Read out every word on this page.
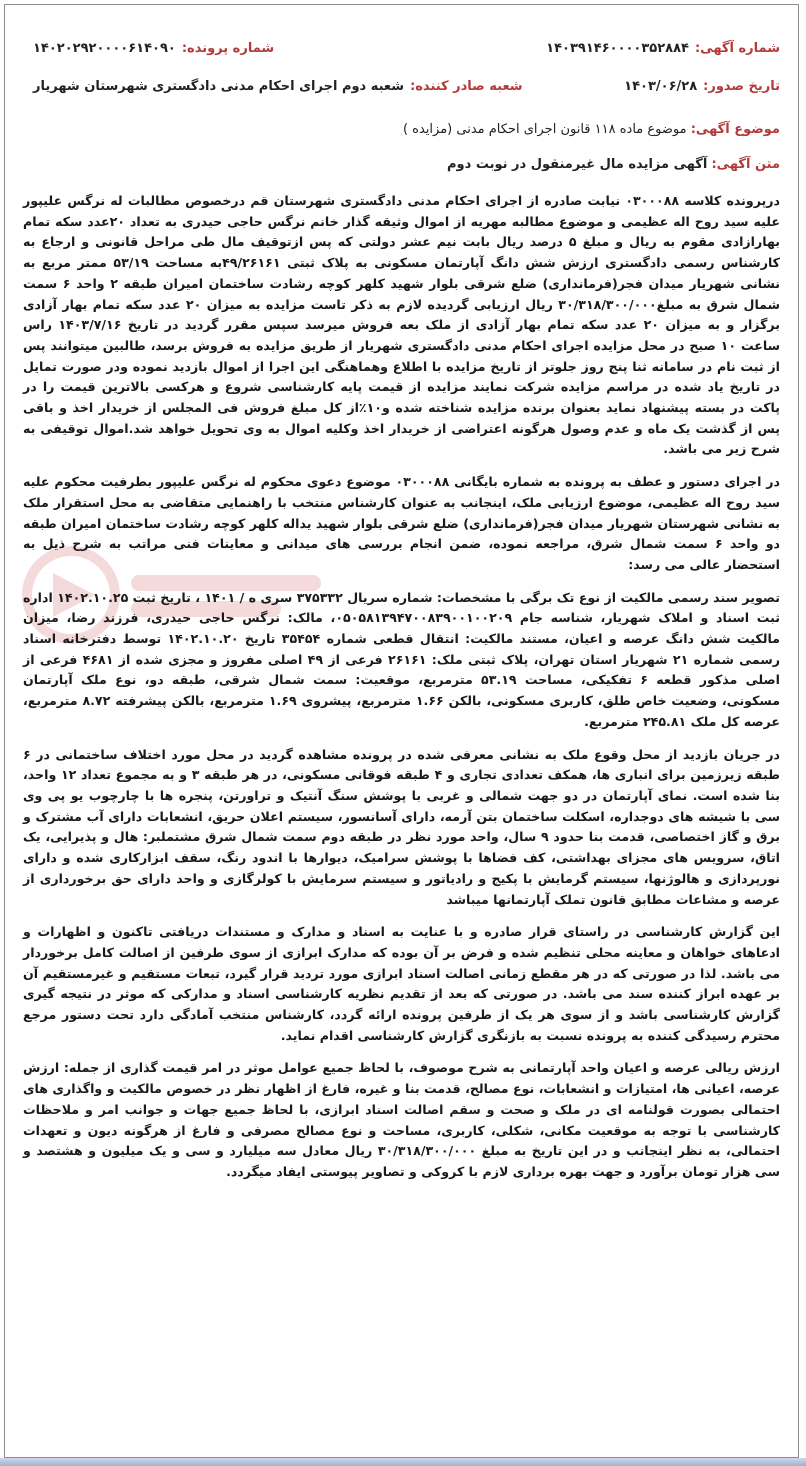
شماره آگهی:
۱۴۰۳۹۱۴۶۰۰۰۰۳۵۲۸۸۴
شماره پرونده:
۱۴۰۲۰۲۹۲۰۰۰۰۶۱۴۰۹۰
تاریخ صدور:
۱۴۰۳/۰۶/۲۸
شعبه صادر کننده:
شعبه دوم اجرای احکام مدنی دادگستری شهرستان شهریار
موضوع آگهی: موضوع ماده ۱۱۸ قانون اجرای احکام مدنی (مزایده )
متن آگهی: آگهی مزایده مال غیرمنقول در نوبت دوم

درپرونده کلاسه ۰۳۰۰۰۸۸ نیابت صادره از اجرای احکام مدنی دادگستری شهرستان قم درخصوص مطالبات له نرگس علیپور علیه سید روح اله عظیمی و موضوع مطالبه مهریه از اموال وثیقه گذار خانم نرگس حاجی حیدری به تعداد ۲۰عدد سکه تمام بهارازادی مقوم به ریال و مبلغ ۵ درصد ریال بابت نیم عشر دولتی که پس ازتوقیف مال طی مراحل قانونی و ارجاع به کارشناس رسمی دادگستری ارزش شش دانگ آپارتمان مسکونی به پلاک ثبتی ۴۹/۲۶۱۶۱به مساحت ۵۳/۱۹ ممتر مربع به نشانی شهریار میدان فجر(فرمانداری) ضلع شرقی بلوار شهید کلهر کوچه رشادت ساختمان امیران طبقه ۲ واحد ۶ سمت شمال شرق به مبلغ۳۰/۳۱۸/۳۰۰/۰۰۰ ریال ارزیابی گردیده لازم به ذکر تاست مزایده به میزان ۲۰ عدد سکه تمام بهار آزادی برگزار و به میزان ۲۰ عدد سکه تمام بهار آزادی از ملک بعه فروش میرسد سپس مقرر گردید در تاریخ ۱۴۰۳/۷/۱۶ راس ساعت ۱۰ صبح در محل مزایده اجرای احکام مدنی دادگستری شهریار از طریق مزایده به فروش برسد، طالبین میتوانند پس از ثبت نام در سامانه ثنا پنج روز جلوتر از تاریخ مزایده با اطلاع وهماهنگی این اجرا از اموال بازدید نموده ودر صورت تمایل در تاریخ یاد شده در مراسم مزایده شرکت نمایند مزایده از قیمت پایه کارشناسی شروع و هرکسی بالاترین قیمت را در پاکت در بسته پیشنهاد نماید بعنوان برنده مزایده شناخته شده و۱۰٪از کل مبلغ فروش فی المجلس از خریدار اخذ و باقی پس از گذشت یک ماه و عدم وصول هرگونه اعتراضی از خریدار اخذ وکلیه اموال به وی تحویل خواهد شد.اموال توقیفی به شرح زیر می باشد.

در اجرای دستور و عطف به پرونده به شماره بایگانی ۰۳۰۰۰۸۸ موضوع دعوی محکوم له نرگس علیپور بطرفیت محکوم علیه سید روح اله عظیمی، موضوع ارزیابی ملک، اینجانب به عنوان کارشناس منتخب با راهنمایی متقاضی به محل استقرار ملک به نشانی شهرستان شهریار میدان فجر(فرمانداری) ضلع شرقی بلوار شهید یداله کلهر کوچه رشادت ساختمان امیران طبقه دو واحد ۶ سمت شمال شرق، مراجعه نموده، ضمن انجام بررسی های میدانی و معاینات فنی مراتب به شرح ذیل به استحضار عالی می رسد:

تصویر سند رسمی مالکیت از نوع تک برگی با مشخصات: شماره سریال ۳۷۵۳۳۲ سری ه / ۱۴۰۱ ، تاریخ ثبت ۱۴۰۲.۱۰.۲۵ اداره ثبت اسناد و املاک شهریار، شناسه جام ۰۵۰۵۸۱۳۹۴۷۰۰۸۳۹۰۰۱۰۰۲۰۹، مالک: نرگس حاجی حیدری، فرزند رضا، میزان مالکیت شش دانگ عرصه و اعیان، مستند مالکیت: انتقال قطعی شماره ۳۵۴۵۴ تاریخ ۱۴۰۲.۱۰.۲۰ توسط دفترخانه اسناد رسمی شماره ۲۱ شهریار استان تهران، پلاک ثبتی ملک: ۲۶۱۶۱ فرعی از ۴۹ اصلی مفروز و مجزی شده از ۴۶۸۱ فرعی از اصلی مذکور قطعه ۶ تفکیکی، مساحت ۵۳.۱۹ مترمربع، موقعیت: سمت شمال شرقی، طبقه دو، نوع ملک آپارتمان مسکونی، وضعیت خاص طلق، کاربری مسکونی، بالکن ۱.۶۶ مترمربع، پیشروی ۱.۶۹ مترمربع، بالکن پیشرفته ۸.۷۲ مترمربع، عرصه کل ملک ۲۴۵.۸۱ مترمربع.

در جریان بازدید از محل وقوع ملک به نشانی معرفی شده در پرونده مشاهده گردید در محل مورد اختلاف ساختمانی در ۶ طبقه زیرزمین برای انباری ها، همکف تعدادی تجاری و ۴ طبقه فوقانی مسکونی، در هر طبقه ۳ و به مجموع تعداد ۱۲ واحد، بنا شده است. نمای آپارتمان در دو جهت شمالی و غربی با پوشش سنگ آنتیک و تراورتن، پنجره ها با چارچوب یو پی وی سی با شیشه های دوجداره، اسکلت ساختمان بتن آرمه، دارای آسانسور، سیستم اعلان حریق، انشعابات دارای آب مشترک و برق و گاز اختصاصی، قدمت بنا حدود ۹ سال، واحد مورد نظر در طبقه دوم سمت شمال شرق مشتملبر: هال و پذیرایی، یک اتاق، سرویس های مجزای بهداشتی، کف فضاها با پوشش سرامیک، دیوارها با اندود رنگ، سقف ابزارکاری شده و دارای نورپردازی و هالوژنها، سیستم گرمایش با پکیج و رادیاتور و سیستم سرمایش با کولرگازی و واحد دارای حق برخورداری از عرصه و مشاعات مطابق قانون تملک آپارتمانها میباشد

این گزارش کارشناسی در راستای قرار صادره و با عنایت به اسناد و مدارک و مستندات دریافتی تاکنون و اظهارات و ادعاهای خواهان و معاینه محلی تنظیم شده و فرض بر آن بوده که مدارک ابرازی از سوی طرفین از اصالت کامل برخوردار می باشد. لذا در صورتی که در هر مقطع زمانی اصالت اسناد ابرازی مورد تردید قرار گیرد، تبعات مستقیم و غیرمستقیم آن بر عهده ابراز کننده سند می باشد. در صورتی که بعد از تقدیم نظریه کارشناسی اسناد و مدارکی که موثر در نتیجه گیری گزارش کارشناسی باشد و از سوی هر یک از طرفین پرونده ارائه گردد، کارشناس منتخب آمادگی دارد تحت دستور مرجع محترم رسیدگی کننده به پرونده نسبت به بازنگری گزارش کارشناسی اقدام نماید.

ارزش ریالی عرصه و اعیان واحد آپارتمانی به شرح موصوف، با لحاظ جمیع عوامل موثر در امر قیمت گذاری از جمله: ارزش عرصه، اعیانی ها، امتیازات و انشعابات، نوع مصالح، قدمت بنا و غیره، فارغ از اظهار نظر در خصوص مالکیت و واگذاری های احتمالی بصورت قولنامه ای در ملک و صحت و سقم اصالت اسناد ابرازی، با لحاظ جمیع جهات و جوانب امر و ملاحظات کارشناسی با توجه به موقعیت مکانی، شکلی، کاربری، مساحت و نوع مصالح مصرفی و فارغ از هرگونه دیون و تعهدات احتمالی، به نظر اینجانب و در این تاریخ به مبلغ ۳۰/۳۱۸/۳۰۰/۰۰۰ ریال معادل سه میلیارد و سی و یک میلیون و هشتصد و سی هزار تومان برآورد و جهت بهره برداری لازم با کروکی و تصاویر پیوستی ایفاد میگردد.
